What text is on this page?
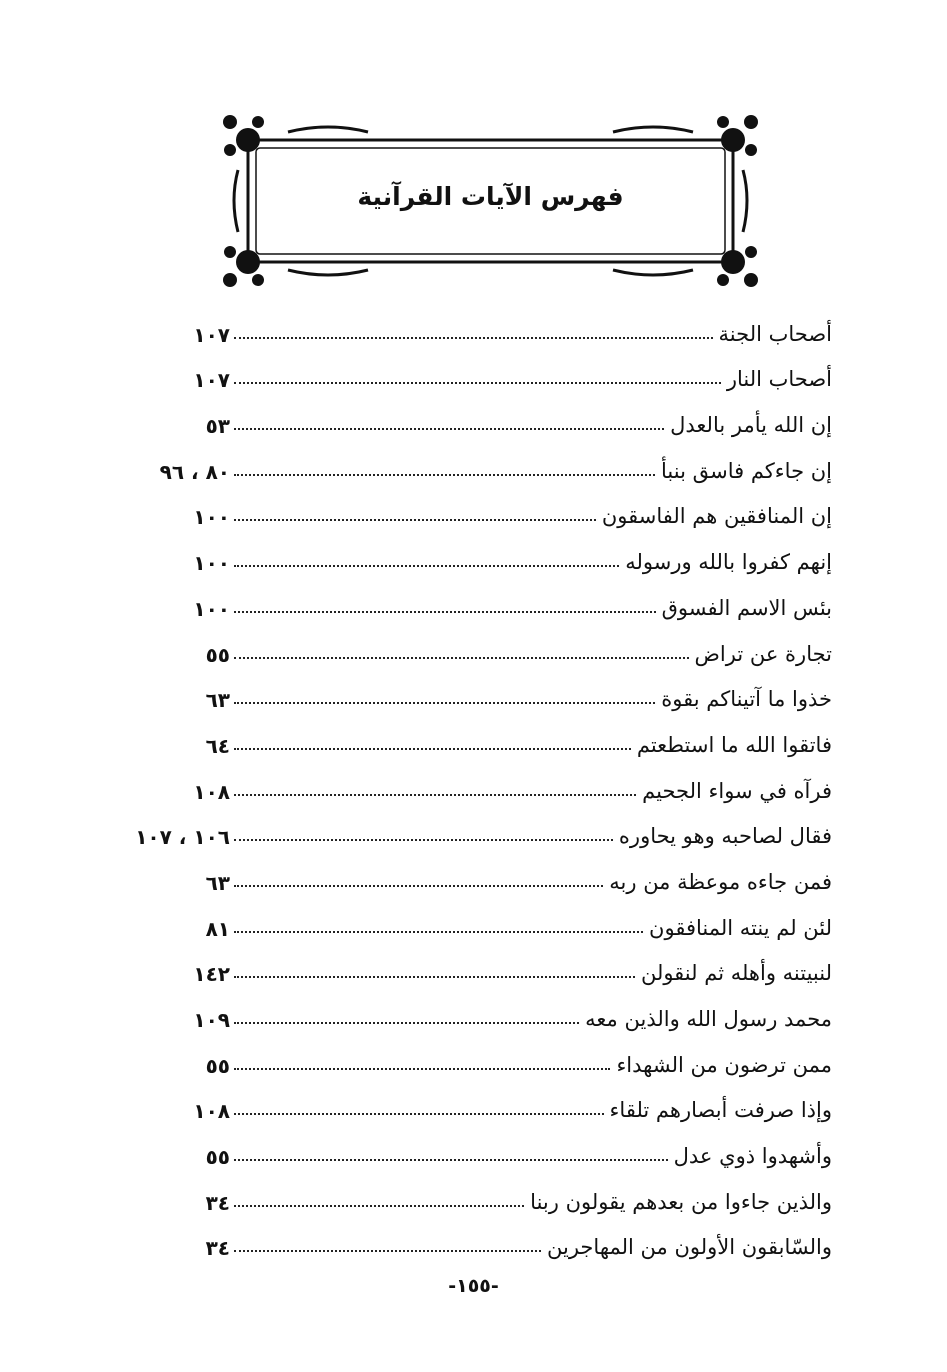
فهرس الآيات القرآنية
أصحاب الجنة
١٠٧
أصحاب النار
١٠٧
إن الله يأمر بالعدل
٥٣
إن جاءكم فاسق بنبأ
٨٠ ، ٩٦
إن المنافقين هم الفاسقون
١٠٠
إنهم كفروا بالله ورسوله
١٠٠
بئس الاسم الفسوق
١٠٠
تجارة عن تراض
٥٥
خذوا ما آتيناكم بقوة
٦٣
فاتقوا الله ما استطعتم
٦٤
فرآه في سواء الجحيم
١٠٨
فقال لصاحبه وهو يحاوره
١٠٦ ، ١٠٧
فمن جاءه موعظة من ربه
٦٣
لئن لم ينته المنافقون
٨١
لنبيتنه وأهله ثم لنقولن
١٤٢
محمد رسول الله والذين معه
١٠٩
ممن ترضون من الشهداء
٥٥
وإذا صرفت أبصارهم تلقاء
١٠٨
وأشهدوا ذوي عدل
٥٥
والذين جاءوا من بعدهم يقولون ربنا
٣٤
والسّابقون الأولون من المهاجرين
٣٤
-١٥٥-
